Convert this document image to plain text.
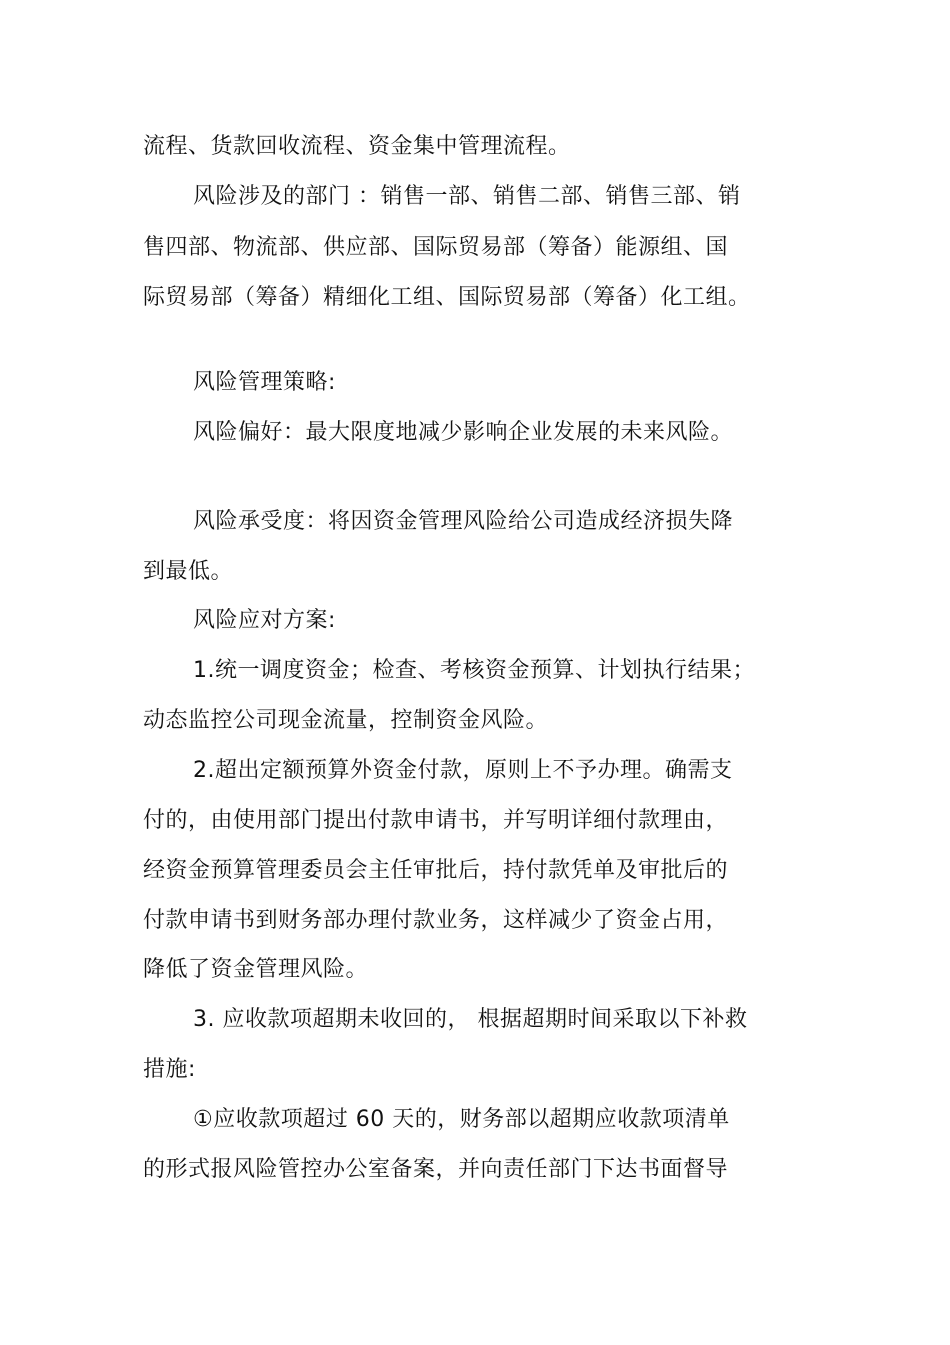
流程、货款回收流程、资金集中管理流程。
风险涉及的部门 ：销售一部、销售二部、销售三部、销
售四部、物流部、供应部、国际贸易部（筹备）能源组、国
际贸易部（筹备）精细化工组、国际贸易部（筹备）化工组。
风险管理策略:
风险偏好：最大限度地减少影响企业发展的未来风险。
风险承受度：将因资金管理风险给公司造成经济损失降
到最低。
风险应对方案:
1.统一调度资金；检查、考核资金预算、计划执行结果；
动态监控公司现金流量，控制资金风险。
2.超出定额预算外资金付款，原则上不予办理。确需支
付的，由使用部门提出付款申请书，并写明详细付款理由，
经资金预算管理委员会主任审批后，持付款凭单及审批后的
付款申请书到财务部办理付款业务，这样减少了资金占用，
降低了资金管理风险。
3. 应收款项超期未收回的， 根据超期时间采取以下补救
措施:
①应收款项超过 60 天的，财务部以超期应收款项清单
的形式报风险管控办公室备案，并向责任部门下达书面督导
